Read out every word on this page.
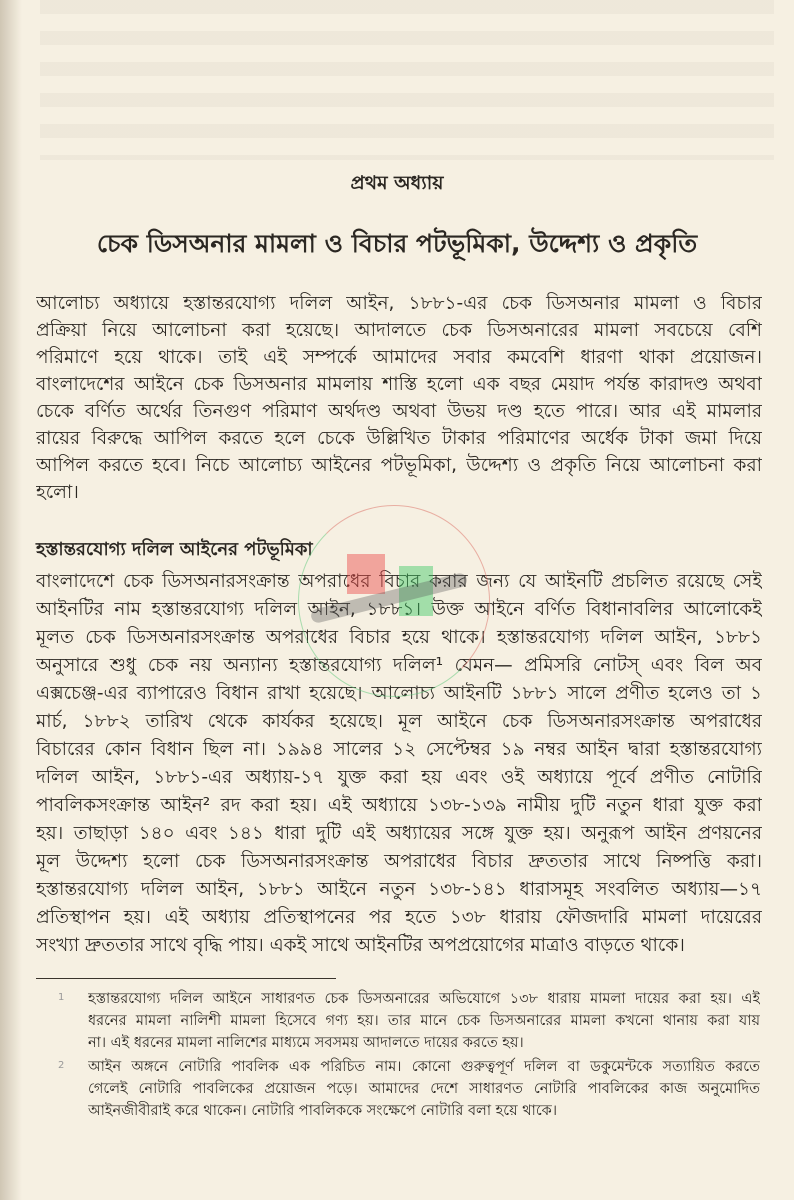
প্রথম অধ্যায়
চেক ডিসঅনার মামলা ও বিচার পটভূমিকা, উদ্দেশ্য ও প্রকৃতি
আলোচ্য অধ্যায়ে হস্তান্তরযোগ্য দলিল আইন, ১৮৮১-এর চেক ডিসঅনার মামলা ও বিচার
প্রক্রিয়া নিয়ে আলোচনা করা হয়েছে। আদালতে চেক ডিসঅনারের মামলা সবচেয়ে বেশি
পরিমাণে হয়ে থাকে। তাই এই সম্পর্কে আমাদের সবার কমবেশি ধারণা থাকা প্রয়োজন।
বাংলাদেশের আইনে চেক ডিসঅনার মামলায় শাস্তি হলো এক বছর মেয়াদ পর্যন্ত কারাদণ্ড অথবা
চেকে বর্ণিত অর্থের তিনগুণ পরিমাণ অর্থদণ্ড অথবা উভয় দণ্ড হতে পারে। আর এই মামলার
রায়ের বিরুদ্ধে আপিল করতে হলে চেকে উল্লিখিত টাকার পরিমাণের অর্ধেক টাকা জমা দিয়ে
আপিল করতে হবে। নিচে আলোচ্য আইনের পটভূমিকা, উদ্দেশ্য ও প্রকৃতি নিয়ে আলোচনা করা
হলো।
হস্তান্তরযোগ্য দলিল আইনের পটভূমিকা
বাংলাদেশে চেক ডিসঅনারসংক্রান্ত অপরাধের বিচার করার জন্য যে আইনটি প্রচলিত রয়েছে সেই
আইনটির নাম হস্তান্তরযোগ্য দলিল আইন, ১৮৮১। উক্ত আইনে বর্ণিত বিধানাবলির আলোকেই
মূলত চেক ডিসঅনারসংক্রান্ত অপরাধের বিচার হয়ে থাকে। হস্তান্তরযোগ্য দলিল আইন, ১৮৮১
অনুসারে শুধু চেক নয় অন্যান্য হস্তান্তরযোগ্য দলিল¹ যেমন— প্রমিসরি নোটস্ এবং বিল অব
এক্সচেঞ্জ-এর ব্যাপারেও বিধান রাখা হয়েছে। আলোচ্য আইনটি ১৮৮১ সালে প্রণীত হলেও তা ১
মার্চ, ১৮৮২ তারিখ থেকে কার্যকর হয়েছে। মূল আইনে চেক ডিসঅনারসংক্রান্ত অপরাধের
বিচারের কোন বিধান ছিল না। ১৯৯৪ সালের ১২ সেপ্টেম্বর ১৯ নম্বর আইন দ্বারা হস্তান্তরযোগ্য
দলিল আইন, ১৮৮১-এর অধ্যায়-১৭ যুক্ত করা হয় এবং ওই অধ্যায়ে পূর্বে প্রণীত নোটারি
পাবলিকসংক্রান্ত আইন² রদ করা হয়। এই অধ্যায়ে ১৩৮-১৩৯ নামীয় দুটি নতুন ধারা যুক্ত করা
হয়। তাছাড়া ১৪০ এবং ১৪১ ধারা দুটি এই অধ্যায়ের সঙ্গে যুক্ত হয়। অনুরূপ আইন প্রণয়নের
মূল উদ্দেশ্য হলো চেক ডিসঅনারসংক্রান্ত অপরাধের বিচার দ্রুততার সাথে নিষ্পত্তি করা।
হস্তান্তরযোগ্য দলিল আইন, ১৮৮১ আইনে নতুন ১৩৮-১৪১ ধারাসমূহ সংবলিত অধ্যায়—১৭
প্রতিস্থাপন হয়। এই অধ্যায় প্রতিস্থাপনের পর হতে ১৩৮ ধারায় ফৌজদারি মামলা দায়েরের
সংখ্যা দ্রুততার সাথে বৃদ্ধি পায়। একই সাথে আইনটির অপপ্রয়োগের মাত্রাও বাড়তে থাকে।
1 হস্তান্তরযোগ্য দলিল আইনে সাধারণত চেক ডিসঅনারের অভিযোগে ১৩৮ ধারায় মামলা দায়ের করা হয়। এই
ধরনের মামলা নালিশী মামলা হিসেবে গণ্য হয়। তার মানে চেক ডিসঅনারের মামলা কখনো থানায় করা যায়
না। এই ধরনের মামলা নালিশের মাধ্যমে সবসময় আদালতে দায়ের করতে হয়।
2 আইন অঙ্গনে নোটারি পাবলিক এক পরিচিত নাম। কোনো গুরুত্বপূর্ণ দলিল বা ডকুমেন্টকে সত্যায়িত করতে
গেলেই নোটারি পাবলিকের প্রয়োজন পড়ে। আমাদের দেশে সাধারণত নোটারি পাবলিকের কাজ অনুমোদিত
আইনজীবীরাই করে থাকেন। নোটারি পাবলিককে সংক্ষেপে নোটারি বলা হয়ে থাকে।
